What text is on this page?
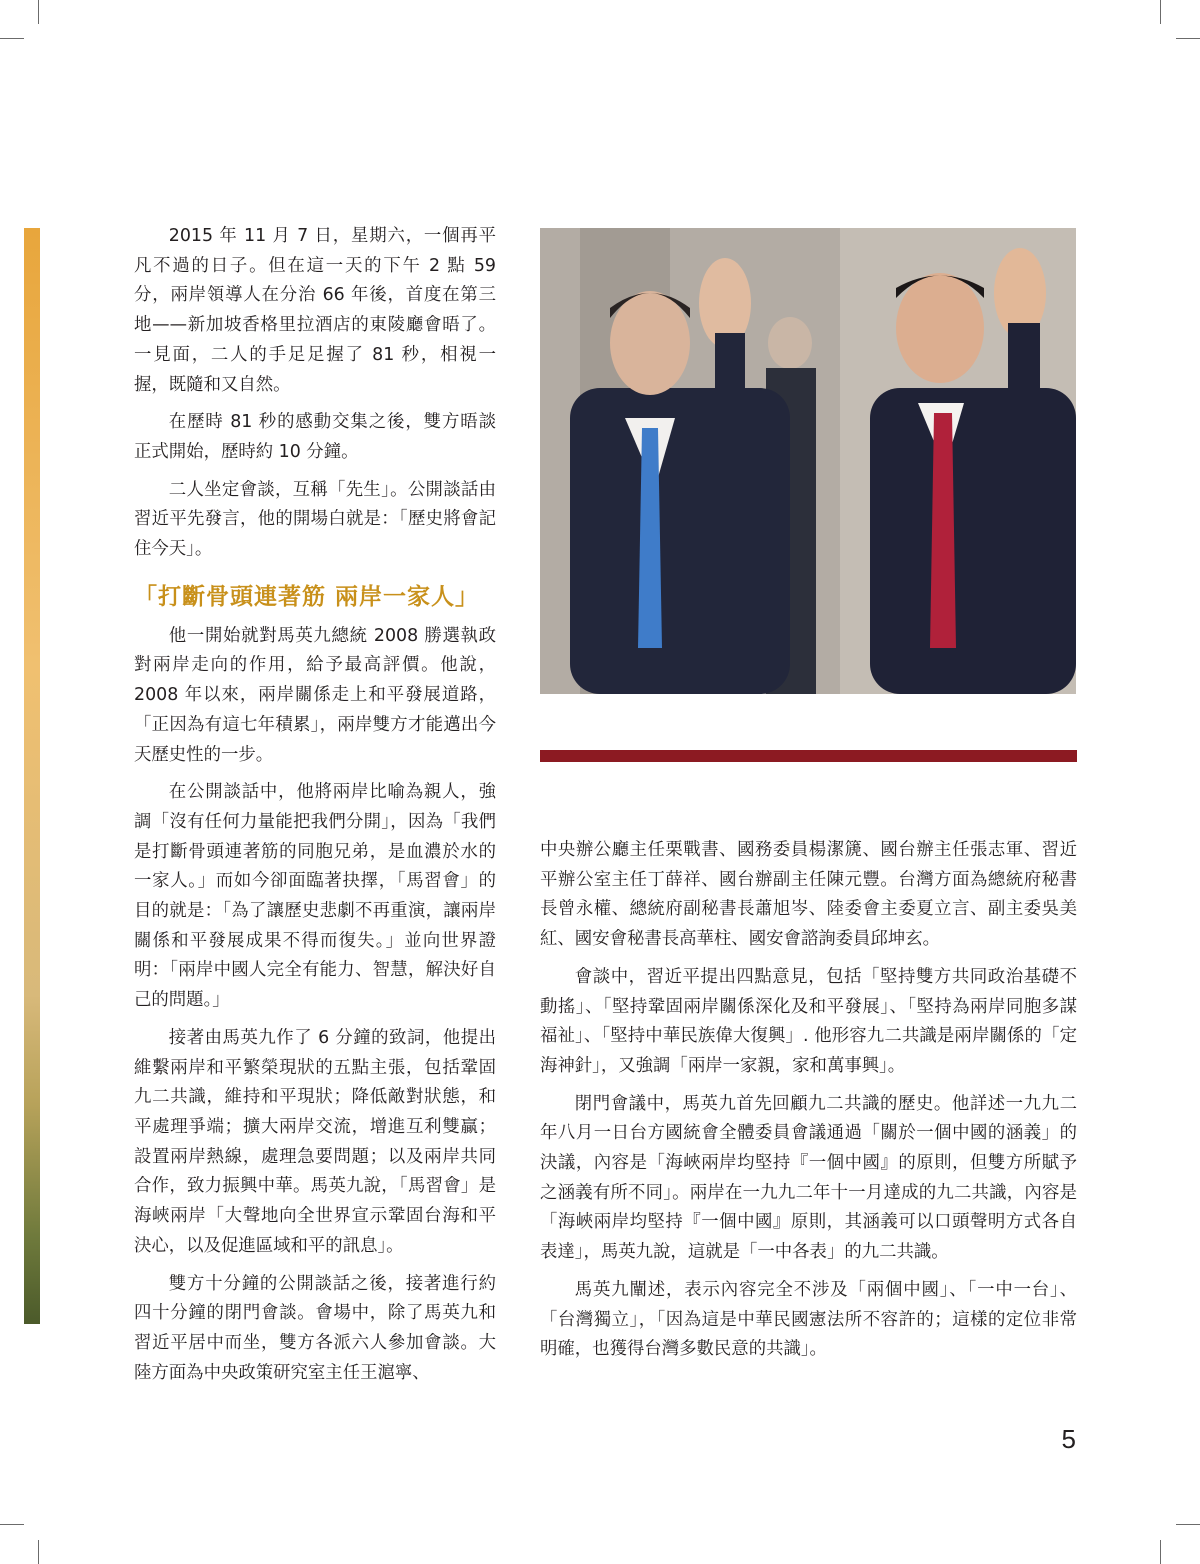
2015 年 11 月 7 日，星期六，一個再平凡不過的日子。但在這一天的下午 2 點 59 分，兩岸領導人在分治 66 年後，首度在第三地——新加坡香格里拉酒店的東陵廳會晤了。一見面，二人的手足足握了 81 秒，相視一握，既隨和又自然。

在歷時 81 秒的感動交集之後，雙方晤談正式開始，歷時約 10 分鐘。

二人坐定會談，互稱「先生」。公開談話由習近平先發言，他的開場白就是：「歷史將會記住今天」。

「打斷骨頭連著筋 兩岸一家人」

他一開始就對馬英九總統 2008 勝選執政對兩岸走向的作用，給予最高評價。他說，2008 年以來，兩岸關係走上和平發展道路，「正因為有這七年積累」，兩岸雙方才能邁出今天歷史性的一步。

在公開談話中，他將兩岸比喻為親人，強調「沒有任何力量能把我們分開」，因為「我們是打斷骨頭連著筋的同胞兄弟，是血濃於水的一家人。」而如今卻面臨著抉擇，「馬習會」的目的就是：「為了讓歷史悲劇不再重演，讓兩岸關係和平發展成果不得而復失。」並向世界證明：「兩岸中國人完全有能力、智慧，解決好自己的問題。」

接著由馬英九作了 6 分鐘的致詞，他提出維繫兩岸和平繁榮現狀的五點主張，包括鞏固九二共識，維持和平現狀；降低敵對狀態，和平處理爭端；擴大兩岸交流，增進互利雙贏；設置兩岸熱線，處理急要問題；以及兩岸共同合作，致力振興中華。馬英九說，「馬習會」是海峽兩岸「大聲地向全世界宣示鞏固台海和平決心，以及促進區域和平的訊息」。

雙方十分鐘的公開談話之後，接著進行約四十分鐘的閉門會談。會場中，除了馬英九和習近平居中而坐，雙方各派六人參加會談。大陸方面為中央政策研究室主任王滬寧、

中央辦公廳主任栗戰書、國務委員楊潔篪、國台辦主任張志軍、習近平辦公室主任丁薛祥、國台辦副主任陳元豐。台灣方面為總統府秘書長曾永權、總統府副秘書長蕭旭岑、陸委會主委夏立言、副主委吳美紅、國安會秘書長高華柱、國安會諮詢委員邱坤玄。

會談中，習近平提出四點意見，包括「堅持雙方共同政治基礎不動搖」、「堅持鞏固兩岸關係深化及和平發展」、「堅持為兩岸同胞多謀福祉」、「堅持中華民族偉大復興」. 他形容九二共識是兩岸關係的「定海神針」，又強調「兩岸一家親，家和萬事興」。

閉門會議中，馬英九首先回顧九二共識的歷史。他詳述一九九二年八月一日台方國統會全體委員會議通過「關於一個中國的涵義」的決議，內容是「海峽兩岸均堅持『一個中國』的原則，但雙方所賦予之涵義有所不同」。兩岸在一九九二年十一月達成的九二共識，內容是「海峽兩岸均堅持『一個中國』原則，其涵義可以口頭聲明方式各自表達」，馬英九說，這就是「一中各表」的九二共識。

馬英九闡述，表示內容完全不涉及「兩個中國」、「一中一台」、「台灣獨立」，「因為這是中華民國憲法所不容許的；這樣的定位非常明確，也獲得台灣多數民意的共識」。

5
